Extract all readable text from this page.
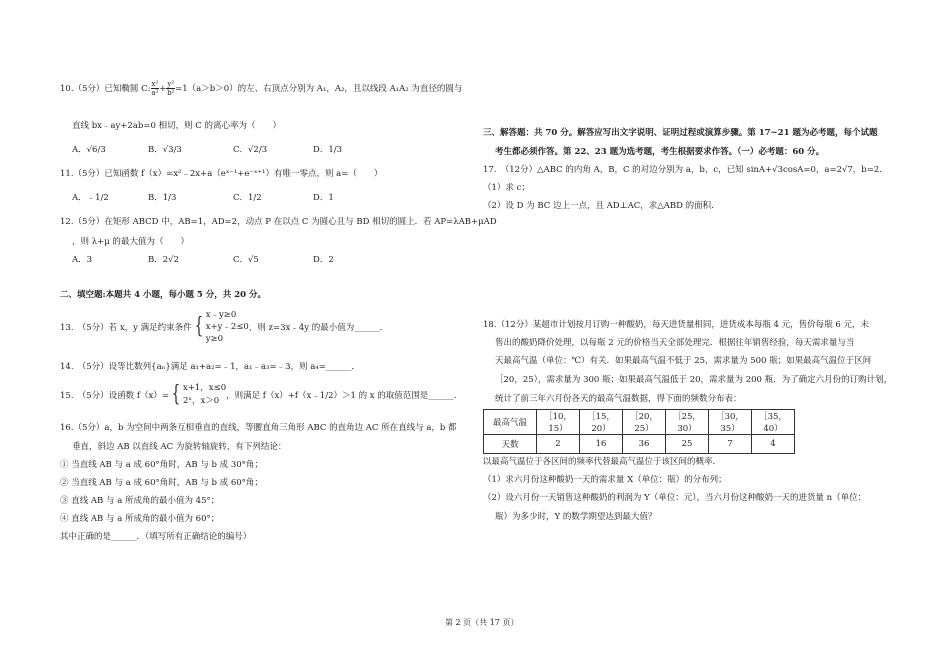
10.（5分）已知椭圆 C: $\frac{\text{x²}}{\text{a²}} + \frac{\text{y²}}{\text{b²}} =1(a>b>0)$的左、右顶点分别为 A₁，A₂，且以线段 A₁A₂ 为直径的圆与
直线 bx﹣ay+2ab=0 相切，则 C 的离心率为（　　）
A．√6/3	B．√3/3	C．√2/3	D．1/3
11.（5分）已知函数 f（x）=x²﹣2x+a（eˣ⁻¹+e⁻ˣ⁺¹）有唯一零点，则 a=（　　）
A．﹣1/2	B．1/3	C．1/2	D．1
12.（5分）在矩形 ABCD 中，AB=1，AD=2，动点 P 在以点 C 为圆心且与 BD 相切的圆上．若 AP=λAB+μAD
，则 λ+μ 的最大值为（　　）
A．3	B．2√2	C．√5	D．2
二、填空题:本题共 4 小题，每小题 5 分，共 20 分。
13.　（5分）若 x，y 满足约束条件 { x﹣y≥0
x+y﹣2≤0
y≥0
，则 z=3x﹣4y 的最小值为______．
14.　（5分）设等比数列{aₙ}满足 a₁+a₂=﹣1，a₁﹣a₃=﹣3，则 a₄=______．
15.　（5分）设函数 f（x）= { x+1，x≤0
2ˣ，x＞0 ，则满足 f（x）+f（x﹣1/2）＞1 的 x 的取值范围是______．
16.（5分）a，b 为空间中两条互相垂直的直线，等腰直角三角形 ABC 的直角边 AC 所在直线与 a，b 都
垂直，斜边 AB 以直线 AC 为旋转轴旋转，有下列结论：
① 当直线 AB 与 a 成 60°角时，AB 与 b 成 30°角；
② 当直线 AB 与 a 成 60°角时，AB 与 b 成 60°角；
③ 直线 AB 与 a 所成角的最小值为 45°；
④ 直线 AB 与 a 所成角的最小值为 60°；
其中正确的是______．（填写所有正确结论的编号）
三、解答题：共 70 分。解答应写出文字说明、证明过程或演算步骤。第 17~21 题为必考题，每个试题
考生都必须作答。第 22、23 题为选考题，考生根据要求作答。（一）必考题：60 分。
17.　（12分）△ABC 的内角 A，B，C 的对边分别为 a，b，c，已知 sinA+√3cosA=0，a=2√7，b=2.
（1）求 c；
（2）设 D 为 BC 边上一点，且 AD⊥AC，求△ABD 的面积.
18.（12分）某超市计划按月订购一种酸奶，每天进货量相同，进货成本每瓶 4 元，售价每瓶 6 元，未
售出的酸奶降价处理，以每瓶 2 元的价格当天全部处理完．根据往年销售经验，每天需求量与当
天最高气温（单位：℃）有关．如果最高气温不低于 25，需求量为 500 瓶；如果最高气温位于区间
［20，25），需求量为 300 瓶；如果最高气温低于 20，需求量为 200 瓶．为了确定六月份的订购计划，
统计了前三年六月份各天的最高气温数据，得下面的频数分布表：
最高气温	［10，15）	［15，20）	［20，25）	［25，30）	［30，35）	［35，40）
天数	2	16	36	25	7	4
以最高气温位于各区间的频率代替最高气温位于该区间的概率．
（1）求六月份这种酸奶一天的需求量 X（单位：瓶）的分布列；
（2）设六月份一天销售这种酸奶的利润为 Y（单位：元），当六月份这种酸奶一天的进货量 n（单位：
瓶）为多少时，Y 的数学期望达到最大值？
第 2 页（共 17 页）
